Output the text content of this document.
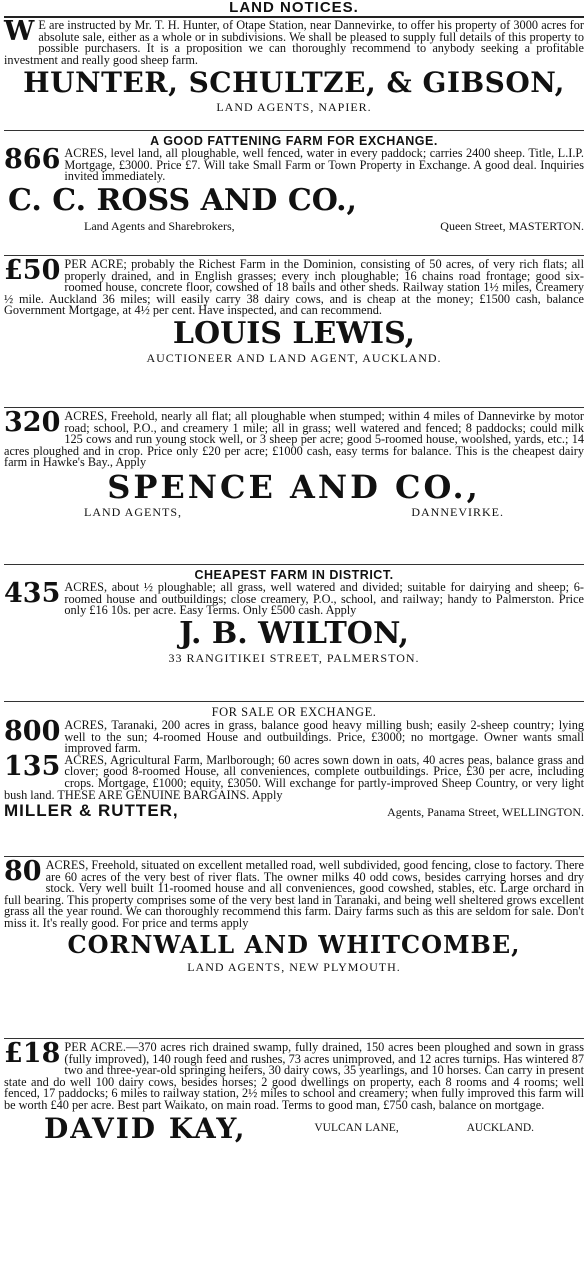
LAND NOTICES.

W E are instructed by Mr. T. H. Hunter, of Otape Station, near Dannevirke, to offer his property of 3000 acres for absolute sale, either as a whole or in subdivisions. We shall be pleased to supply full details of this property to possible purchasers. It is a proposition we can thoroughly recommend to anybody seeking a profitable investment and really good sheep farm.

HUNTER, SCHULTZE, & GIBSON,
LAND AGENTS, NAPIER.
A GOOD FATTENING FARM FOR EXCHANGE.

866 ACRES, level land, all ploughable, well fenced, water in every paddock; carries 2400 sheep. Title, L.I.P. Mortgage, £3000. Price £7. Will take Small Farm or Town Property in Exchange. A good deal. Inquiries invited immediately.

C. C. ROSS AND CO.,
Land Agents and Sharebrokers,	Queen Street, MASTERTON.

£50 PER ACRE; probably the Richest Farm in the Dominion, consisting of 50 acres, of very rich flats; all properly drained, and in English grasses; every inch ploughable; 16 chains road frontage; good six-roomed house, concrete floor, cowshed of 18 bails and other sheds. Railway station 1½ miles, Creamery ½ mile. Auckland 36 miles; will easily carry 38 dairy cows, and is cheap at the money; £1500 cash, balance Government Mortgage, at 4½ per cent. Have inspected, and can recommend.

LOUIS LEWIS,
AUCTIONEER AND LAND AGENT, AUCKLAND.

320 ACRES, Freehold, nearly all flat; all ploughable when stumped; within 4 miles of Dannevirke by motor road; school, P.O., and creamery 1 mile; all in grass; well watered and fenced; 8 paddocks; could milk 125 cows and run young stock well, or 3 sheep per acre; good 5-roomed house, woolshed, yards, etc.; 14 acres ploughed and in crop. Price only £20 per acre; £1000 cash, easy terms for balance. This is the cheapest dairy farm in Hawke's Bay., Apply

SPENCE AND CO.,
LAND AGENTS,	DANNEVIRKE.
CHEAPEST FARM IN DISTRICT.

435 ACRES, about ½ ploughable; all grass, well watered and divided; suitable for dairying and sheep; 6-roomed house and outbuildings; close creamery, P.O., school, and railway; handy to Palmerston. Price only £16 10s. per acre. Easy Terms. Only £500 cash. Apply

J. B. WILTON,
33 RANGITIKEI STREET, PALMERSTON.
FOR SALE OR EXCHANGE.

800 ACRES, Taranaki, 200 acres in grass, balance good heavy milling bush; easily 2-sheep country; lying well to the sun; 4-roomed House and outbuildings. Price, £3000; no mortgage. Owner wants small improved farm.

135 ACRES, Agricultural Farm, Marlborough; 60 acres sown down in oats, 40 acres peas, balance grass and clover; good 8-roomed House, all conveniences, complete outbuildings. Price, £30 per acre, including crops. Mortgage, £1000; equity, £3050. Will exchange for partly-improved Sheep Country, or very light bush land. THESE ARE GENUINE BARGAINS. Apply

MILLER & RUTTER,	Agents, Panama Street, WELLINGTON.

80 ACRES, Freehold, situated on excellent metalled road, well subdivided, good fencing, close to factory. There are 60 acres of the very best of river flats. The owner milks 40 odd cows, besides carrying horses and dry stock. Very well built 11-roomed house and all conveniences, good cowshed, stables, etc. Large orchard in full bearing. This property comprises some of the very best land in Taranaki, and being well sheltered grows excellent grass all the year round. We can thoroughly recommend this farm. Dairy farms such as this are seldom for sale. Don't miss it. It's really good. For price and terms apply

CORNWALL AND WHITCOMBE,
LAND AGENTS, NEW PLYMOUTH.

£18 PER ACRE.—370 acres rich drained swamp, fully drained, 150 acres been ploughed and sown in grass (fully improved), 140 rough feed and rushes, 73 acres unimproved, and 12 acres turnips. Has wintered 87 two and three-year-old springing heifers, 30 dairy cows, 35 yearlings, and 10 horses. Can carry in present state and do well 100 dairy cows, besides horses; 2 good dwellings on property, each 8 rooms and 4 rooms; well fenced, 17 paddocks; 6 miles to railway station, 2½ miles to school and creamery; when fully improved this farm will be worth £40 per acre. Best part Waikato, on main road. Terms to good man, £750 cash, balance on mortgage.

DAVID KAY,	VULCAN LANE,	AUCKLAND.
